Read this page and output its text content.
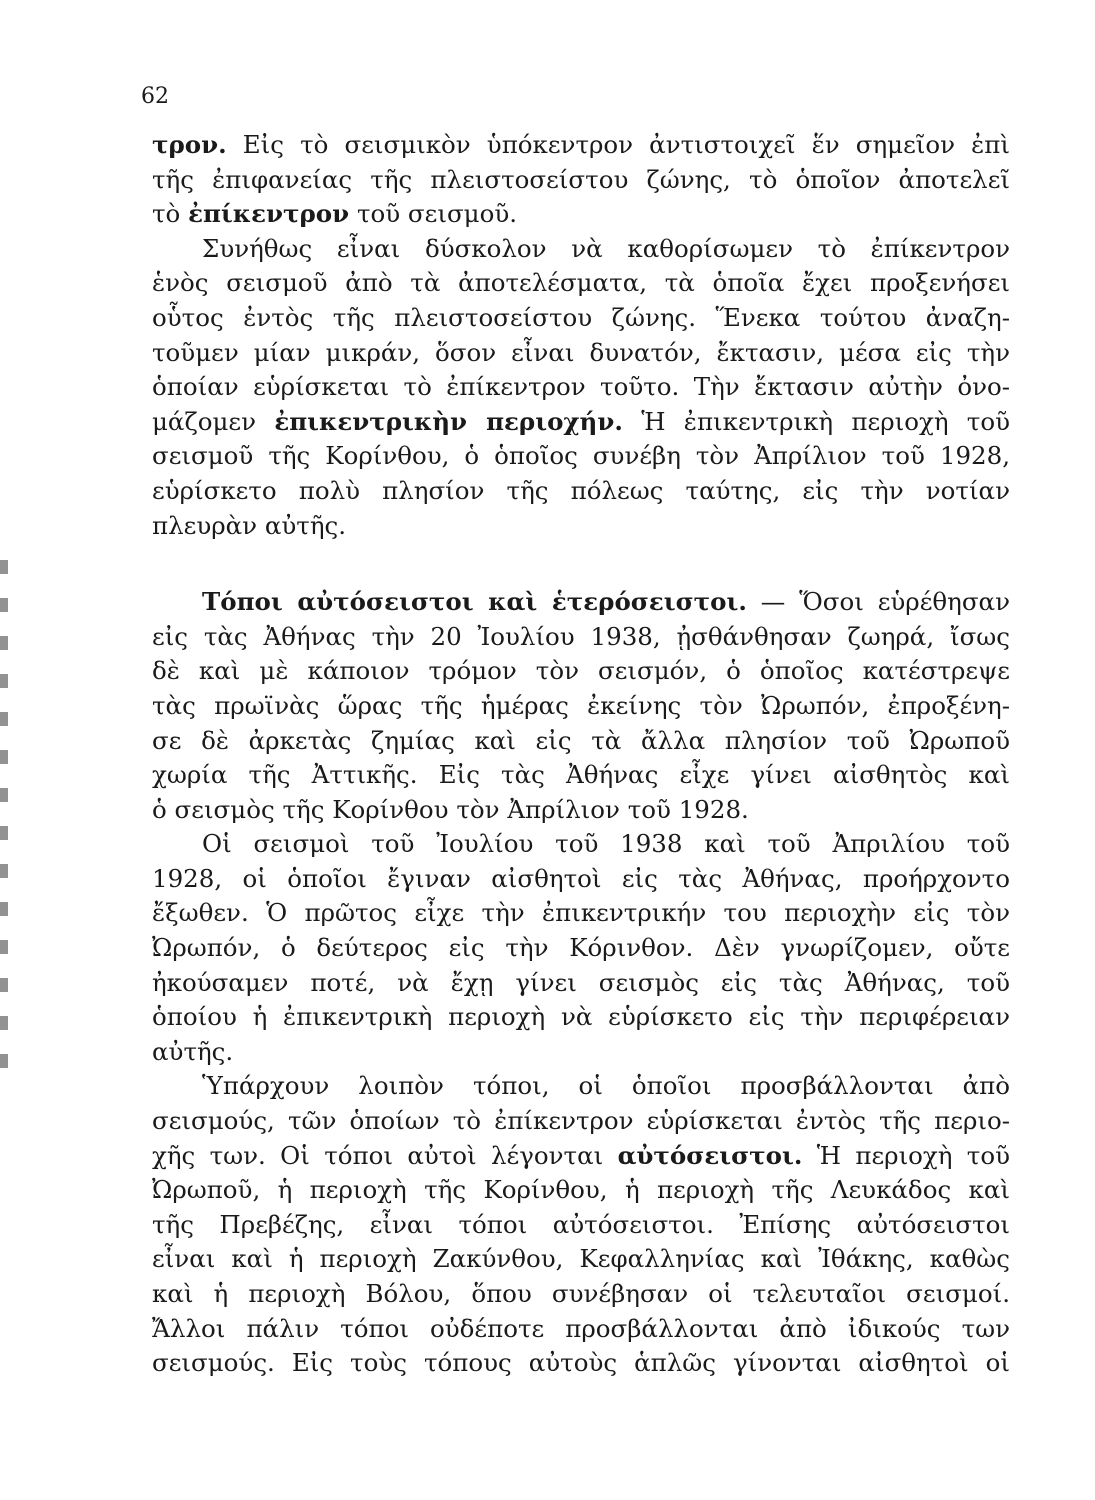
62
τρον. Εἰς τὸ σεισμικὸν ὑπόκεντρον ἀντιστοιχεῖ ἕν σημεῖον ἐπὶ
τῆς ἐπιφανείας τῆς πλειστοσείστου ζώνης, τὸ ὁποῖον ἀποτελεῖ
τὸ ἐπίκεντρον τοῦ σεισμοῦ.
Συνήθως εἶναι δύσκολον νὰ καθορίσωμεν τὸ ἐπίκεντρον
ἑνὸς σεισμοῦ ἀπὸ τὰ ἀποτελέσματα, τὰ ὁποῖα ἔχει προξενήσει
οὗτος ἐντὸς τῆς πλειστοσείστου ζώνης. Ἕνεκα τούτου ἀναζη-
τοῦμεν μίαν μικράν, ὅσον εἶναι δυνατόν, ἔκτασιν, μέσα εἰς τὴν
ὁποίαν εὑρίσκεται τὸ ἐπίκεντρον τοῦτο. Τὴν ἔκτασιν αὐτὴν ὀνο-
μάζομεν ἐπικεντρικὴν περιοχήν. Ἡ ἐπικεντρικὴ περιοχὴ τοῦ
σεισμοῦ τῆς Κορίνθου, ὁ ὁποῖος συνέβη τὸν Ἀπρίλιον τοῦ 1928,
εὑρίσκετο πολὺ πλησίον τῆς πόλεως ταύτης, εἰς τὴν νοτίαν
πλευρὰν αὐτῆς.
Τόποι αὐτόσειστοι καὶ ἑτερόσειστοι. — Ὅσοι εὑρέθησαν
εἰς τὰς Ἀθήνας τὴν 20 Ἰουλίου 1938, ᾐσθάνθησαν ζωηρά, ἴσως
δὲ καὶ μὲ κάποιον τρόμον τὸν σεισμόν, ὁ ὁποῖος κατέστρεψε
τὰς πρωϊνὰς ὥρας τῆς ἡμέρας ἐκείνης τὸν Ὠρωπόν, ἐπροξένη-
σε δὲ ἀρκετὰς ζημίας καὶ εἰς τὰ ἄλλα πλησίον τοῦ Ὠρωποῦ
χωρία τῆς Ἀττικῆς. Εἰς τὰς Ἀθήνας εἶχε γίνει αἰσθητὸς καὶ
ὁ σεισμὸς τῆς Κορίνθου τὸν Ἀπρίλιον τοῦ 1928.
Οἱ σεισμοὶ τοῦ Ἰουλίου τοῦ 1938 καὶ τοῦ Ἀπριλίου τοῦ
1928, οἱ ὁποῖοι ἔγιναν αἰσθητοὶ εἰς τὰς Ἀθήνας, προήρχοντο
ἔξωθεν. Ὁ πρῶτος εἶχε τὴν ἐπικεντρικήν του περιοχὴν εἰς τὸν
Ὠρωπόν, ὁ δεύτερος εἰς τὴν Κόρινθον. Δὲν γνωρίζομεν, οὔτε
ἠκούσαμεν ποτέ, νὰ ἔχῃ γίνει σεισμὸς εἰς τὰς Ἀθήνας, τοῦ
ὁποίου ἡ ἐπικεντρικὴ περιοχὴ νὰ εὑρίσκετο εἰς τὴν περιφέρειαν
αὐτῆς.
Ὑπάρχουν λοιπὸν τόποι, οἱ ὁποῖοι προσβάλλονται ἀπὸ
σεισμούς, τῶν ὁποίων τὸ ἐπίκεντρον εὑρίσκεται ἐντὸς τῆς περιο-
χῆς των. Οἱ τόποι αὐτοὶ λέγονται αὐτόσειστοι. Ἡ περιοχὴ τοῦ
Ὠρωποῦ, ἡ περιοχὴ τῆς Κορίνθου, ἡ περιοχὴ τῆς Λευκάδος καὶ
τῆς Πρεβέζης, εἶναι τόποι αὐτόσειστοι. Ἐπίσης αὐτόσειστοι
εἶναι καὶ ἡ περιοχὴ Ζακύνθου, Κεφαλληνίας καὶ Ἰθάκης, καθὼς
καὶ ἡ περιοχὴ Βόλου, ὅπου συνέβησαν οἱ τελευταῖοι σεισμοί.
Ἄλλοι πάλιν τόποι οὐδέποτε προσβάλλονται ἀπὸ ἰδικούς των
σεισμούς. Εἰς τοὺς τόπους αὐτοὺς ἁπλῶς γίνονται αἰσθητοὶ οἱ
